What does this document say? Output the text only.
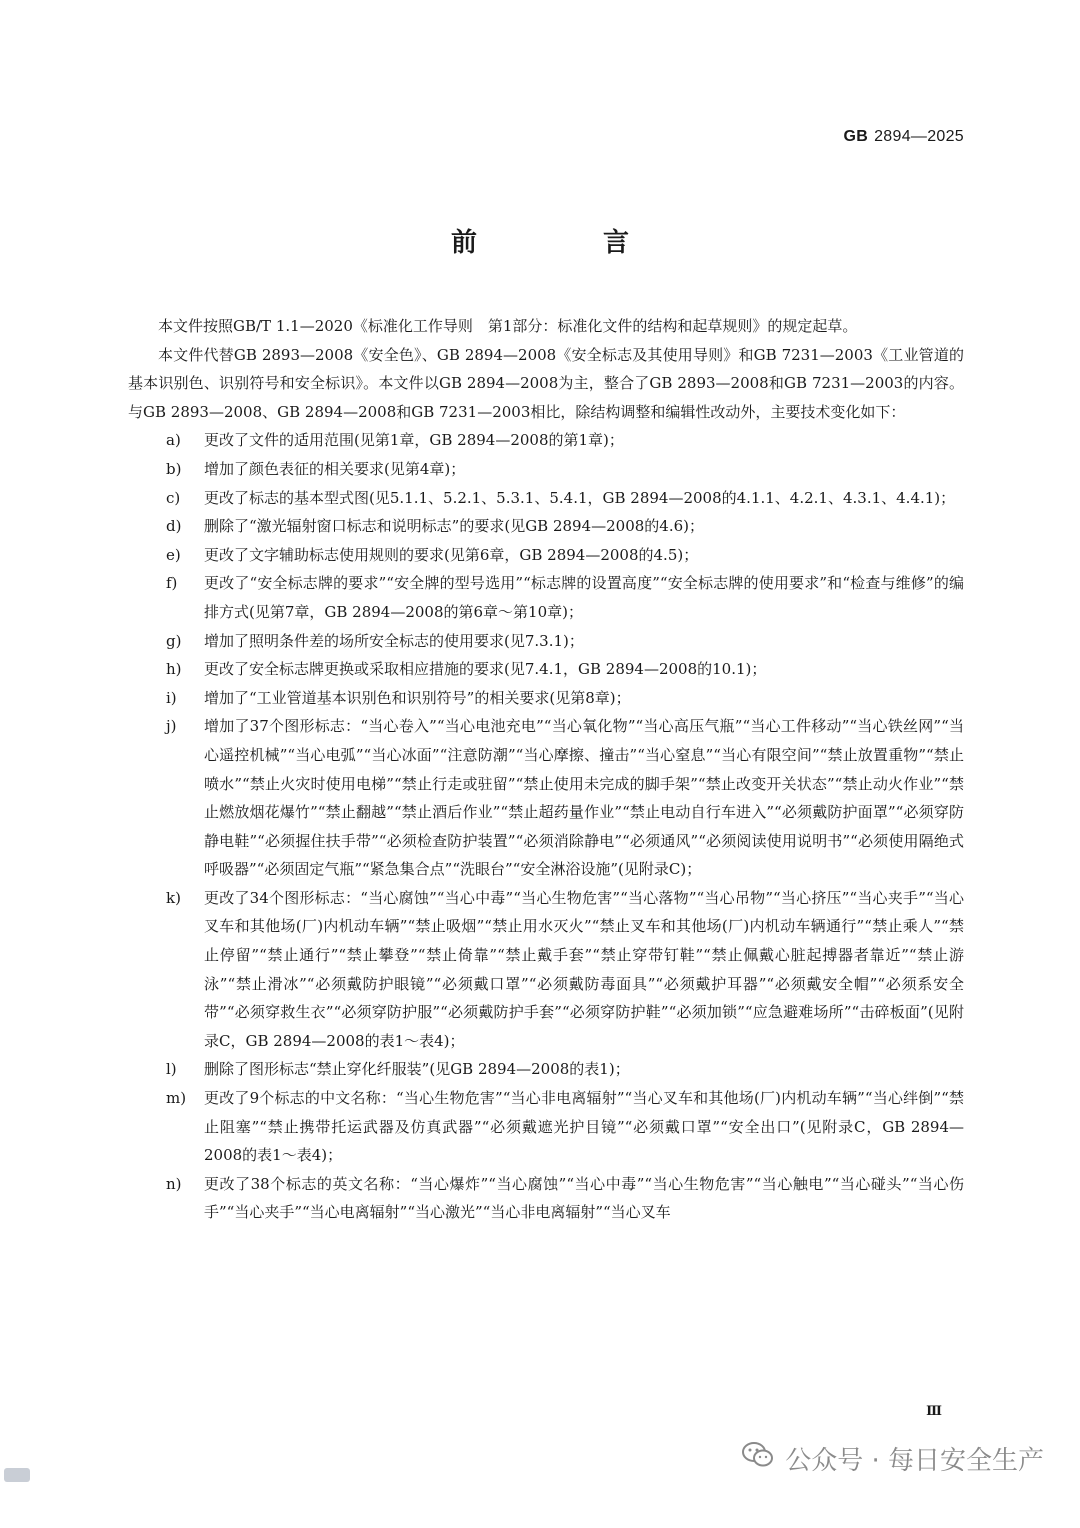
GB 2894—2025
前　言

本文件按照GB/T 1.1—2020《标准化工作导则　第1部分：标准化文件的结构和起草规则》的规定起草。

本文件代替GB 2893—2008《安全色》、GB 2894—2008《安全标志及其使用导则》和GB 7231—2003《工业管道的基本识别色、识别符号和安全标识》。本文件以GB 2894—2008为主，整合了GB 2893—2008和GB 7231—2003的内容。与GB 2893—2008、GB 2894—2008和GB 7231—2003相比，除结构调整和编辑性改动外，主要技术变化如下：

a) 更改了文件的适用范围(见第1章，GB 2894—2008的第1章)；
b) 增加了颜色表征的相关要求(见第4章)；
c) 更改了标志的基本型式图(见5.1.1、5.2.1、5.3.1、5.4.1，GB 2894—2008的4.1.1、4.2.1、4.3.1、4.4.1)；
d) 删除了“激光辐射窗口标志和说明标志”的要求(见GB 2894—2008的4.6)；
e) 更改了文字辅助标志使用规则的要求(见第6章，GB 2894—2008的4.5)；
f) 更改了“安全标志牌的要求”“安全牌的型号选用”“标志牌的设置高度”“安全标志牌的使用要求”和“检查与维修”的编排方式(见第7章，GB 2894—2008的第6章～第10章)；
g) 增加了照明条件差的场所安全标志的使用要求(见7.3.1)；
h) 更改了安全标志牌更换或采取相应措施的要求(见7.4.1，GB 2894—2008的10.1)；
i) 增加了“工业管道基本识别色和识别符号”的相关要求(见第8章)；
j) 增加了37个图形标志：“当心卷入”“当心电池充电”“当心氧化物”“当心高压气瓶”“当心工件移动”“当心铁丝网”“当心遥控机械”“当心电弧”“当心冰面”“注意防潮”“当心摩擦、撞击”“当心窒息”“当心有限空间”“禁止放置重物”“禁止喷水”“禁止火灾时使用电梯”“禁止行走或驻留”“禁止使用未完成的脚手架”“禁止改变开关状态”“禁止动火作业”“禁止燃放烟花爆竹”“禁止翻越”“禁止酒后作业”“禁止超药量作业”“禁止电动自行车进入”“必须戴防护面罩”“必须穿防静电鞋”“必须握住扶手带”“必须检查防护装置”“必须消除静电”“必须通风”“必须阅读使用说明书”“必须使用隔绝式呼吸器”“必须固定气瓶”“紧急集合点”“洗眼台”“安全淋浴设施”(见附录C)；
k) 更改了34个图形标志：“当心腐蚀”“当心中毒”“当心生物危害”“当心落物”“当心吊物”“当心挤压”“当心夹手”“当心叉车和其他场(厂)内机动车辆”“禁止吸烟”“禁止用水灭火”“禁止叉车和其他场(厂)内机动车辆通行”“禁止乘人”“禁止停留”“禁止通行”“禁止攀登”“禁止倚靠”“禁止戴手套”“禁止穿带钉鞋”“禁止佩戴心脏起搏器者靠近”“禁止游泳”“禁止滑冰”“必须戴防护眼镜”“必须戴口罩”“必须戴防毒面具”“必须戴护耳器”“必须戴安全帽”“必须系安全带”“必须穿救生衣”“必须穿防护服”“必须戴防护手套”“必须穿防护鞋”“必须加锁”“应急避难场所”“击碎板面”(见附录C，GB 2894—2008的表1～表4)；
l) 删除了图形标志“禁止穿化纤服装”(见GB 2894—2008的表1)；
m) 更改了9个标志的中文名称：“当心生物危害”“当心非电离辐射”“当心叉车和其他场(厂)内机动车辆”“当心绊倒”“禁止阻塞”“禁止携带托运武器及仿真武器”“必须戴遮光护目镜”“必须戴口罩”“安全出口”(见附录C，GB 2894—2008的表1～表4)；
n) 更改了38个标志的英文名称：“当心爆炸”“当心腐蚀”“当心中毒”“当心生物危害”“当心触电”“当心碰头”“当心伤手”“当心夹手”“当心电离辐射”“当心激光”“当心非电离辐射”“当心叉车
Ⅲ
公众号 · 每日安全生产
